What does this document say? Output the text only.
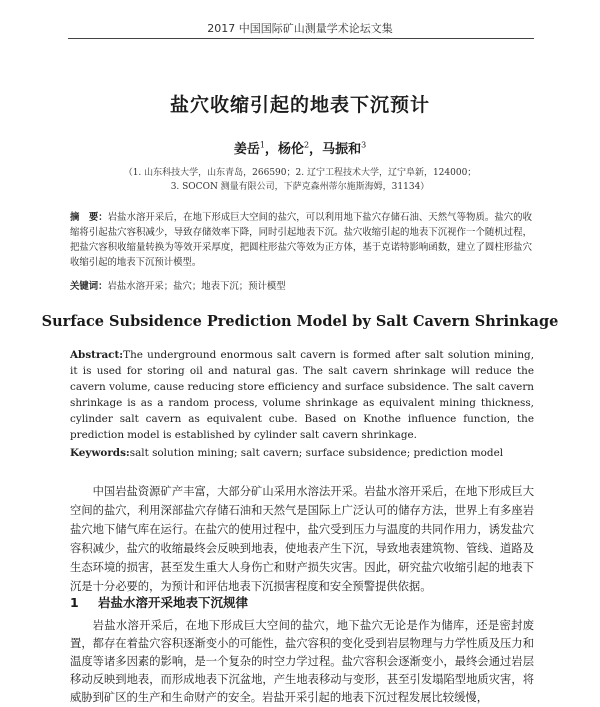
2017 中国国际矿山测量学术论坛文集
盐穴收缩引起的地表下沉预计
姜岳$^1$，杨伦$^2$，马振和$^3$
（1. 山东科技大学，山东青岛，266590；2. 辽宁工程技术大学，辽宁阜新，124000；
3. SOCON 测量有限公司，下萨克森州蒂尔施斯海姆，31134）
摘　要：岩盐水溶开采后，在地下形成巨大空间的盐穴，可以利用地下盐穴存储石油、天然气等物质。盐穴的收缩将引起盐穴容积减少，导致存储效率下降，同时引起地表下沉。盐穴收缩引起的地表下沉视作一个随机过程，把盐穴容积收缩量转换为等效开采厚度，把圆柱形盐穴等效为正方体，基于克诺特影响函数，建立了圆柱形盐穴收缩引起的地表下沉预计模型。
关键词：岩盐水溶开采；盐穴；地表下沉；预计模型
Surface Subsidence Prediction Model by Salt Cavern Shrinkage
Abstract:The underground enormous salt cavern is formed after salt solution mining, it is used for storing oil and natural gas. The salt cavern shrinkage will reduce the cavern volume, cause reducing store efficiency and surface subsidence. The salt cavern shrinkage is as a random process, volume shrinkage as equivalent mining thickness, cylinder salt cavern as equivalent cube. Based on Knothe influence function, the prediction model is established by cylinder salt cavern shrinkage.
Keywords:salt solution mining; salt cavern; surface subsidence; prediction model
中国岩盐资源矿产丰富，大部分矿山采用水溶法开采。岩盐水溶开采后，在地下形成巨大空间的盐穴，利用深部盐穴存储石油和天然气是国际上广泛认可的储存方法，世界上有多座岩盐穴地下储气库在运行。在盐穴的使用过程中，盐穴受到压力与温度的共同作用力，诱发盐穴容积减少，盐穴的收缩最终会反映到地表，使地表产生下沉，导致地表建筑物、管线、道路及生态环境的损害，甚至发生重大人身伤亡和财产损失灾害。因此，研究盐穴收缩引起的地表下沉是十分必要的，为预计和评估地表下沉损害程度和安全预警提供依据。
1 岩盐水溶开采地表下沉规律
岩盐水溶开采后，在地下形成巨大空间的盐穴，地下盐穴无论是作为储库，还是密封废置，都存在着盐穴容积逐渐变小的可能性，盐穴容积的变化受到岩层物理与力学性质及压力和温度等诸多因素的影响，是一个复杂的时空力学过程。盐穴容积会逐渐变小，最终会通过岩层移动反映到地表，而形成地表下沉盆地，产生地表移动与变形，甚至引发塌陷型地质灾害，将威胁到矿区的生产和生命财产的安全。岩盐开采引起的地表下沉过程发展比较缓慢，
